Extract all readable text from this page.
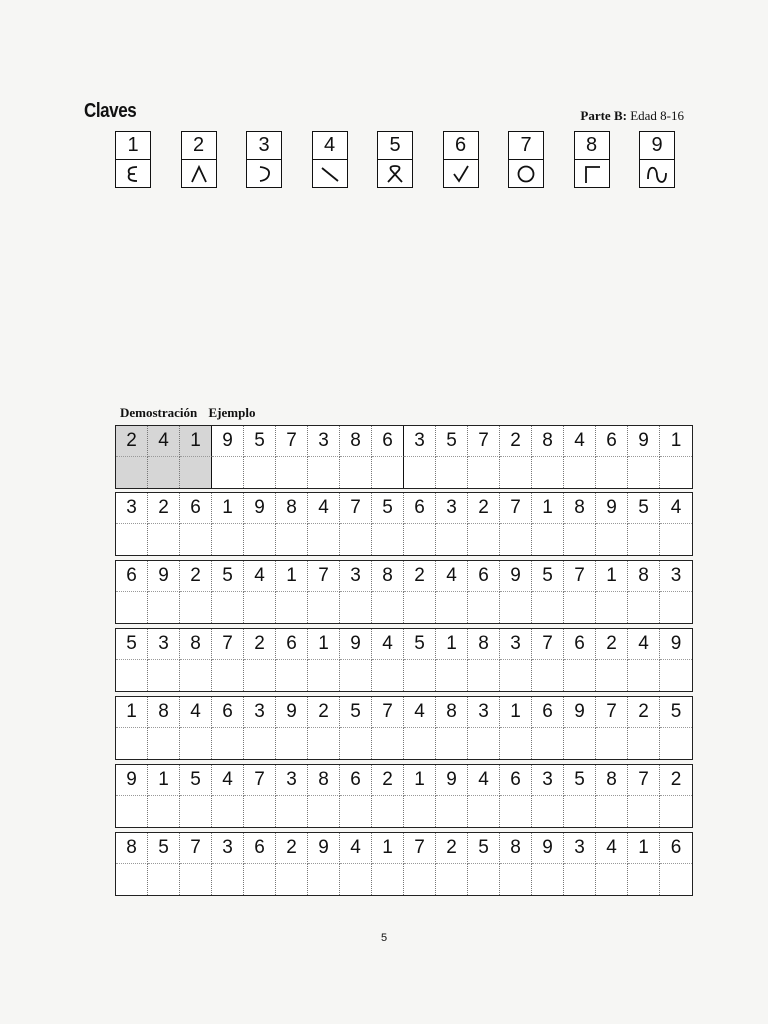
Claves	Parte B: Edad 8-16
1	2	3	4	5	6	7	8	9
Demostración Ejemplo
2	4	1	9	5	7	3	8	6	3	5	7	2	8	4	6	9	1
3	2	6	1	9	8	4	7	5	6	3	2	7	1	8	9	5	4
6	9	2	5	4	1	7	3	8	2	4	6	9	5	7	1	8	3
5	3	8	7	2	6	1	9	4	5	1	8	3	7	6	2	4	9
1	8	4	6	3	9	2	5	7	4	8	3	1	6	9	7	2	5
9	1	5	4	7	3	8	6	2	1	9	4	6	3	5	8	7	2
8	5	7	3	6	2	9	4	1	7	2	5	8	9	3	4	1	6
5
